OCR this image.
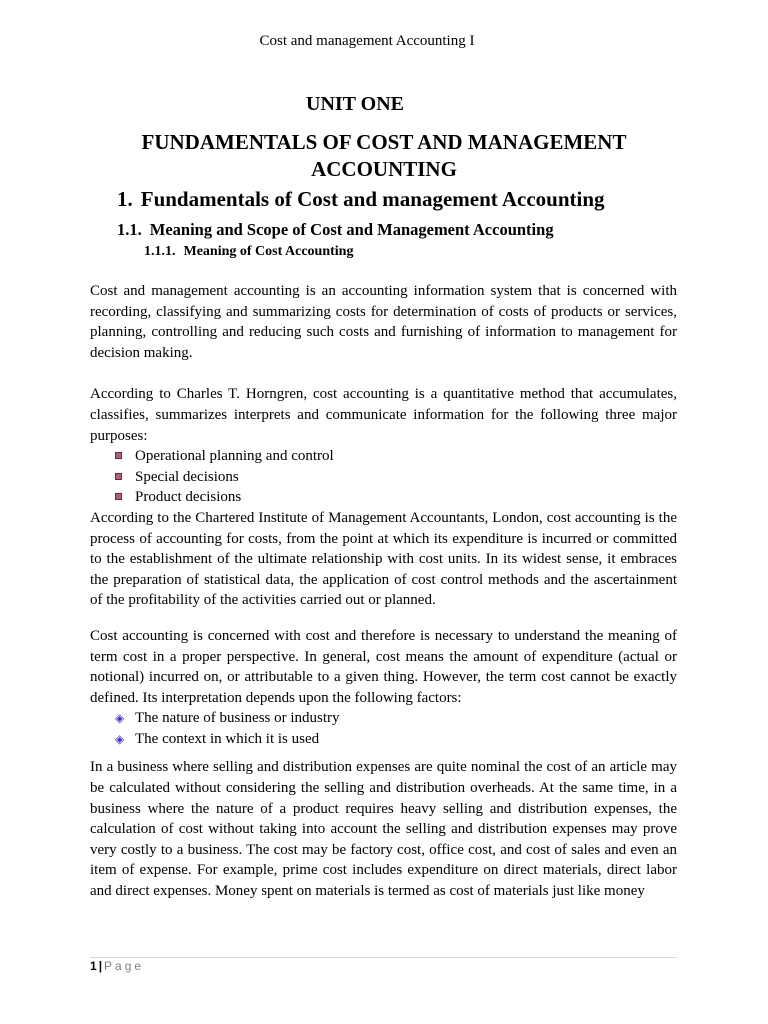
Cost and management Accounting I
UNIT ONE
FUNDAMENTALS OF COST AND MANAGEMENT ACCOUNTING
1. Fundamentals of Cost and management Accounting
1.1. Meaning and Scope of Cost and Management Accounting
1.1.1. Meaning of Cost Accounting

Cost and management accounting is an accounting information system that is concerned with recording, classifying and summarizing costs for determination of costs of products or services, planning, controlling and reducing such costs and furnishing of information to management for decision making.

According to Charles T. Horngren, cost accounting is a quantitative method that accumulates, classifies, summarizes interprets and communicate information for the following three major purposes:

Operational planning and control
Special decisions
Product decisions

According to the Chartered Institute of Management Accountants, London, cost accounting is the process of accounting for costs, from the point at which its expenditure is incurred or committed to the establishment of the ultimate relationship with cost units. In its widest sense, it embraces the preparation of statistical data, the application of cost control methods and the ascertainment of the profitability of the activities carried out or planned.

Cost accounting is concerned with cost and therefore is necessary to understand the meaning of term cost in a proper perspective. In general, cost means the amount of expenditure (actual or notional) incurred on, or attributable to a given thing. However, the term cost cannot be exactly defined. Its interpretation depends upon the following factors:

◈ The nature of business or industry
◈ The context in which it is used

In a business where selling and distribution expenses are quite nominal the cost of an article may be calculated without considering the selling and distribution overheads. At the same time, in a business where the nature of a product requires heavy selling and distribution expenses, the calculation of cost without taking into account the selling and distribution expenses may prove very costly to a business. The cost may be factory cost, office cost, and cost of sales and even an item of expense. For example, prime cost includes expenditure on direct materials, direct labor and direct expenses. Money spent on materials is termed as cost of materials just like money

1 | Page
